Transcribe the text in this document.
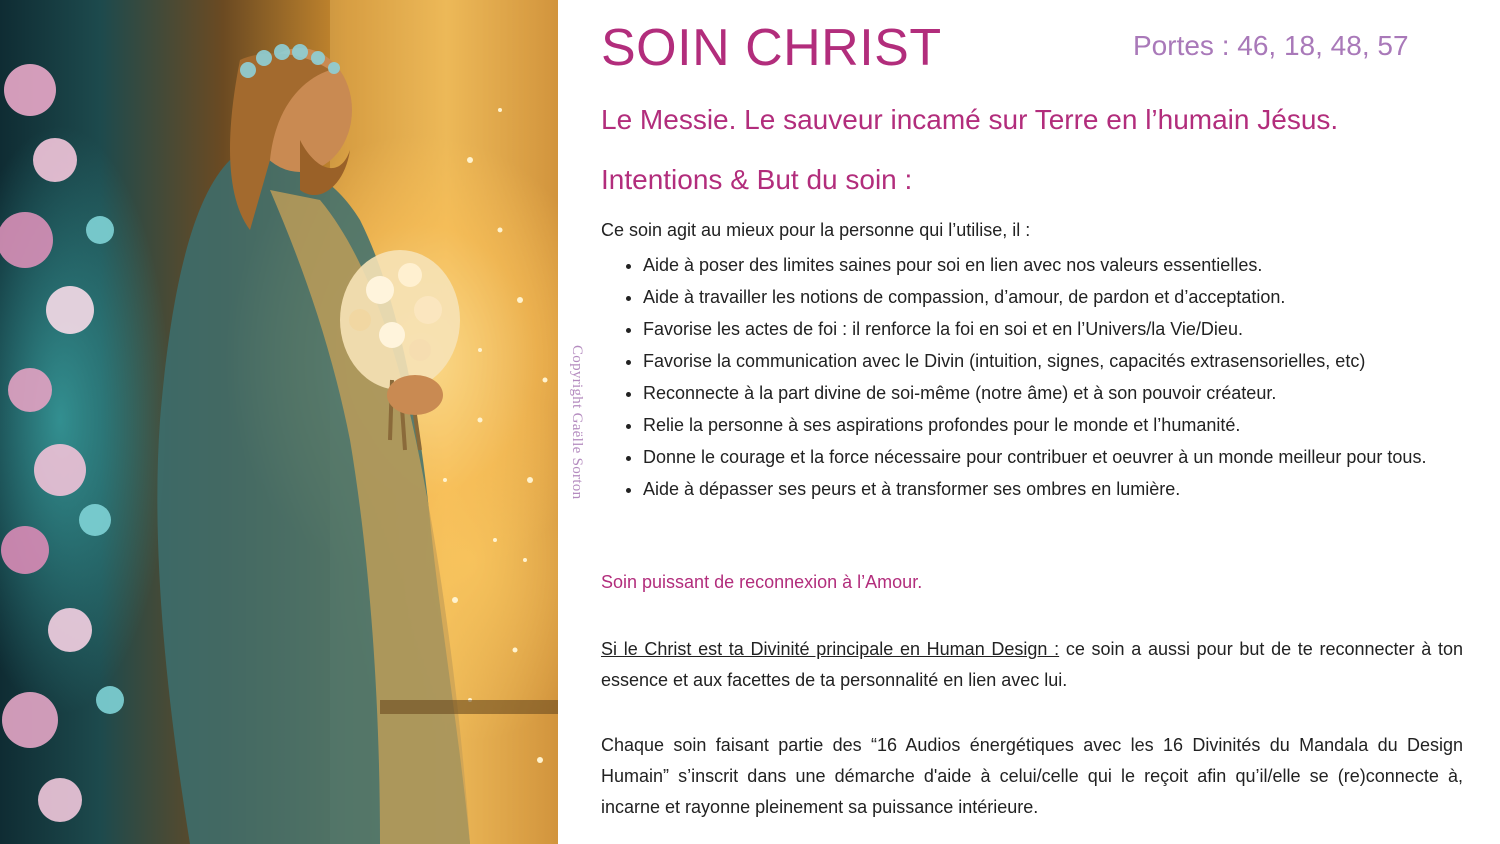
Copyright Gaëlle Sorton
SOIN CHRIST	Portes : 46, 18, 48, 57

Le Messie. Le sauveur incamé sur Terre en l’humain Jésus.
Intentions & But du soin :

Ce soin agit au mieux pour la personne qui l’utilise, il :

• Aide à poser des limites saines pour soi en lien avec nos valeurs essentielles.
• Aide à travailler les notions de compassion, d’amour, de pardon et d’acceptation.
• Favorise les actes de foi : il renforce la foi en soi et en l’Univers/la Vie/Dieu.
• Favorise la communication avec le Divin (intuition, signes, capacités extrasensorielles, etc)
• Reconnecte à la part divine de soi-même (notre âme) et à son pouvoir créateur.
• Relie la personne à ses aspirations profondes pour le monde et l’humanité.
• Donne le courage et la force nécessaire pour contribuer et oeuvrer à un monde meilleur pour tous.
• Aide à dépasser ses peurs et à transformer ses ombres en lumière.

Soin puissant de reconnexion à l’Amour.

Si le Christ est ta Divinité principale en Human Design : ce soin a aussi pour but de te reconnecter à ton essence et aux facettes de ta personnalité en lien avec lui.

Chaque soin faisant partie des “16 Audios énergétiques avec les 16 Divinités du Mandala du Design Humain” s’inscrit dans une démarche d'aide à celui/celle qui le reçoit afin qu’il/elle se (re)connecte à, incarne et rayonne pleinement sa puissance intérieure.
